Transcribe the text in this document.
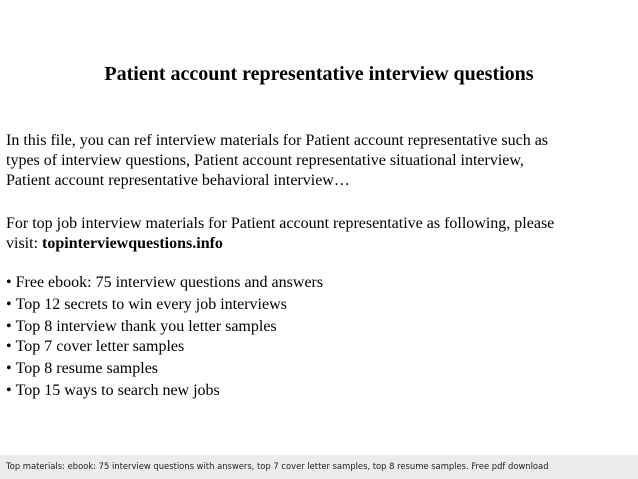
Patient account representative interview questions
In this file, you can ref interview materials for Patient account representative such as
types of interview questions, Patient account representative situational interview,
Patient account representative behavioral interview…
For top job interview materials for Patient account representative as following, please
visit: topinterviewquestions.info
• Free ebook: 75 interview questions and answers
• Top 12 secrets to win every job interviews
• Top 8 interview thank you letter samples
• Top 7 cover letter samples
• Top 8 resume samples
• Top 15 ways to search new jobs
Top materials: ebook: 75 interview questions with answers, top 7 cover letter samples, top 8 resume samples. Free pdf download
